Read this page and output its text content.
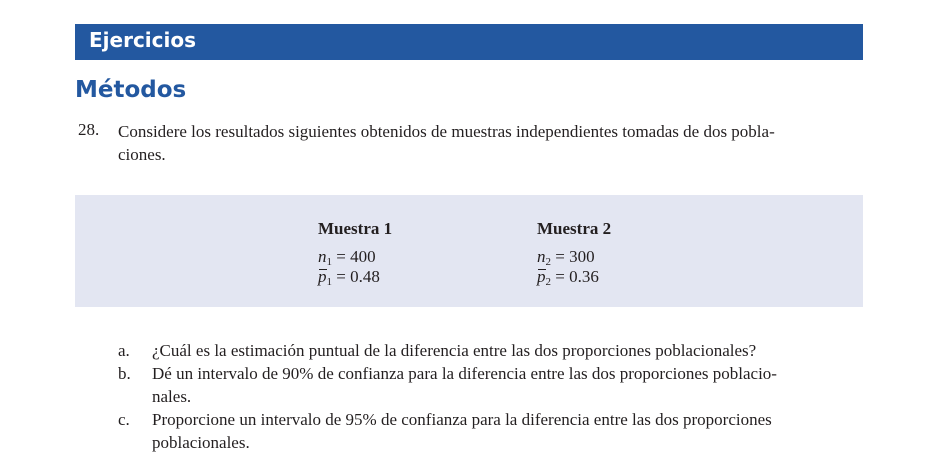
Ejercicios
Métodos
28. Considere los resultados siguientes obtenidos de muestras independientes tomadas de dos pobla-
ciones.
Muestra 1
$n_1 = 400$
$p_1 = 0.48$
Muestra 2
$n_2 = 300$
$p_2 = 0.36$
a. ¿Cuál es la estimación puntual de la diferencia entre las dos proporciones poblacionales?
b. Dé un intervalo de 90% de confianza para la diferencia entre las dos proporciones poblacio-
nales.
c. Proporcione un intervalo de 95% de confianza para la diferencia entre las dos proporciones
poblacionales.
